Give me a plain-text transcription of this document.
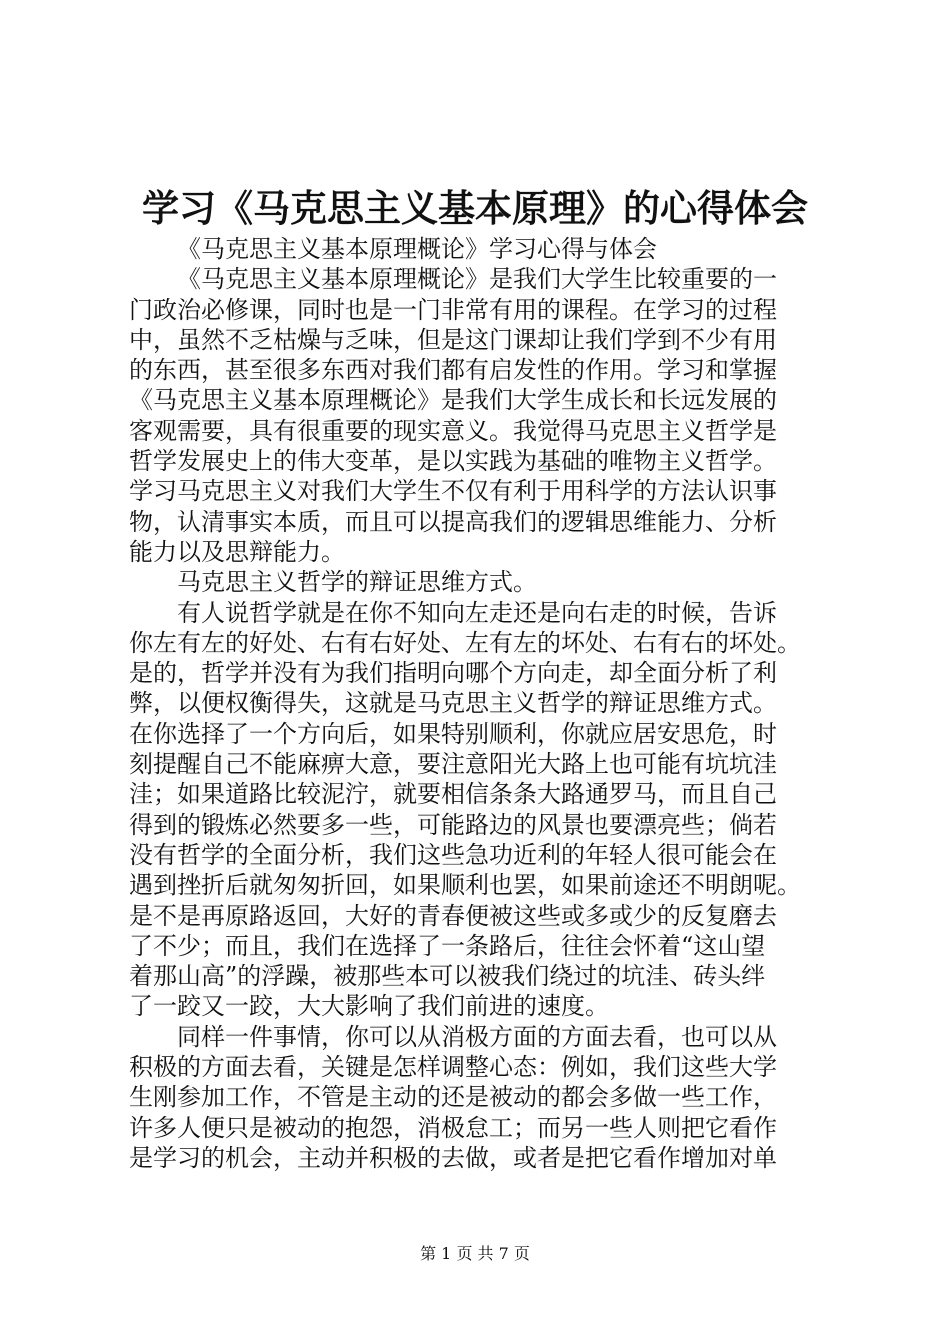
学习《马克思主义基本原理》的心得体会
《马克思主义基本原理概论》学习心得与体会
《马克思主义基本原理概论》是我们大学生比较重要的一
门政治必修课，同时也是一门非常有用的课程。在学习的过程
中，虽然不乏枯燥与乏味，但是这门课却让我们学到不少有用
的东西，甚至很多东西对我们都有启发性的作用。学习和掌握
《马克思主义基本原理概论》是我们大学生成长和长远发展的
客观需要，具有很重要的现实意义。我觉得马克思主义哲学是
哲学发展史上的伟大变革，是以实践为基础的唯物主义哲学。
学习马克思主义对我们大学生不仅有利于用科学的方法认识事
物，认清事实本质，而且可以提高我们的逻辑思维能力、分析
能力以及思辩能力。
马克思主义哲学的辩证思维方式。
有人说哲学就是在你不知向左走还是向右走的时候，告诉
你左有左的好处、右有右好处、左有左的坏处、右有右的坏处。
是的，哲学并没有为我们指明向哪个方向走，却全面分析了利
弊，以便权衡得失，这就是马克思主义哲学的辩证思维方式。
在你选择了一个方向后，如果特别顺利，你就应居安思危，时
刻提醒自己不能麻痹大意，要注意阳光大路上也可能有坑坑洼
洼；如果道路比较泥泞，就要相信条条大路通罗马，而且自己
得到的锻炼必然要多一些，可能路边的风景也要漂亮些；倘若
没有哲学的全面分析，我们这些急功近利的年轻人很可能会在
遇到挫折后就匆匆折回，如果顺利也罢，如果前途还不明朗呢。
是不是再原路返回，大好的青春便被这些或多或少的反复磨去
了不少；而且，我们在选择了一条路后，往往会怀着“这山望
着那山高”的浮躁，被那些本可以被我们绕过的坑洼、砖头绊
了一跤又一跤，大大影响了我们前进的速度。
同样一件事情，你可以从消极方面的方面去看，也可以从
积极的方面去看，关键是怎样调整心态：例如，我们这些大学
生刚参加工作，不管是主动的还是被动的都会多做一些工作，
许多人便只是被动的抱怨，消极怠工；而另一些人则把它看作
是学习的机会，主动并积极的去做，或者是把它看作增加对单
第 1 页 共 7 页
